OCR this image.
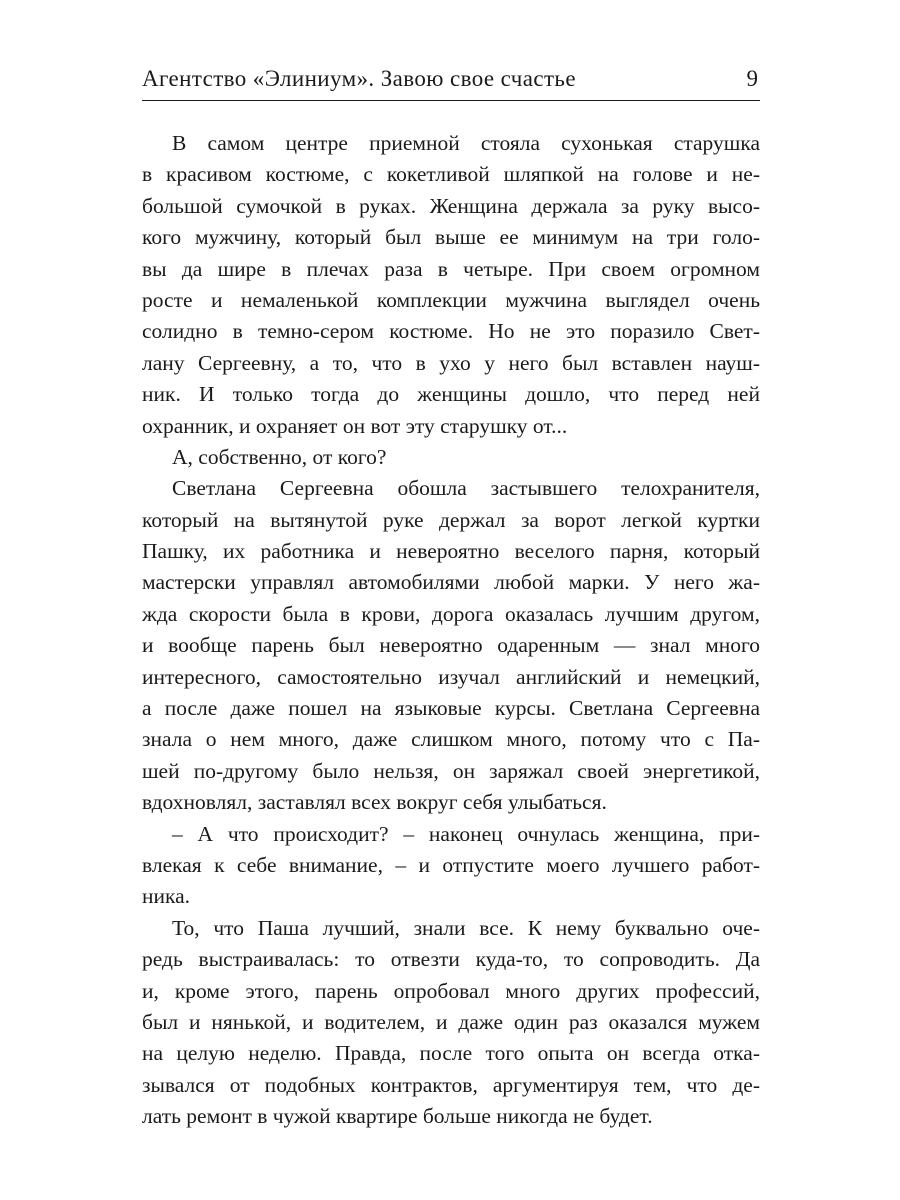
Агентство «Элиниум». Завою свое счастье	9
В самом центре приемной стояла сухонькая старушка
в красивом костюме, с кокетливой шляпкой на голове и не-
большой сумочкой в руках. Женщина держала за руку высо-
кого мужчину, который был выше ее минимум на три голо-
вы да шире в плечах раза в четыре. При своем огромном
росте и немаленькой комплекции мужчина выглядел очень
солидно в темно-сером костюме. Но не это поразило Свет-
лану Сергеевну, а то, что в ухо у него был вставлен науш-
ник. И только тогда до женщины дошло, что перед ней
охранник, и охраняет он вот эту старушку от...
А, собственно, от кого?
Светлана Сергеевна обошла застывшего телохранителя,
который на вытянутой руке держал за ворот легкой куртки
Пашку, их работника и невероятно веселого парня, который
мастерски управлял автомобилями любой марки. У него жа-
жда скорости была в крови, дорога оказалась лучшим другом,
и вообще парень был невероятно одаренным — знал много
интересного, самостоятельно изучал английский и немецкий,
а после даже пошел на языковые курсы. Светлана Сергеевна
знала о нем много, даже слишком много, потому что с Па-
шей по-другому было нельзя, он заряжал своей энергетикой,
вдохновлял, заставлял всех вокруг себя улыбаться.
– А что происходит? – наконец очнулась женщина, при-
влекая к себе внимание, – и отпустите моего лучшего работ-
ника.
То, что Паша лучший, знали все. К нему буквально оче-
редь выстраивалась: то отвезти куда-то, то сопроводить. Да
и, кроме этого, парень опробовал много других профессий,
был и нянькой, и водителем, и даже один раз оказался мужем
на целую неделю. Правда, после того опыта он всегда отка-
зывался от подобных контрактов, аргументируя тем, что де-
лать ремонт в чужой квартире больше никогда не будет.
